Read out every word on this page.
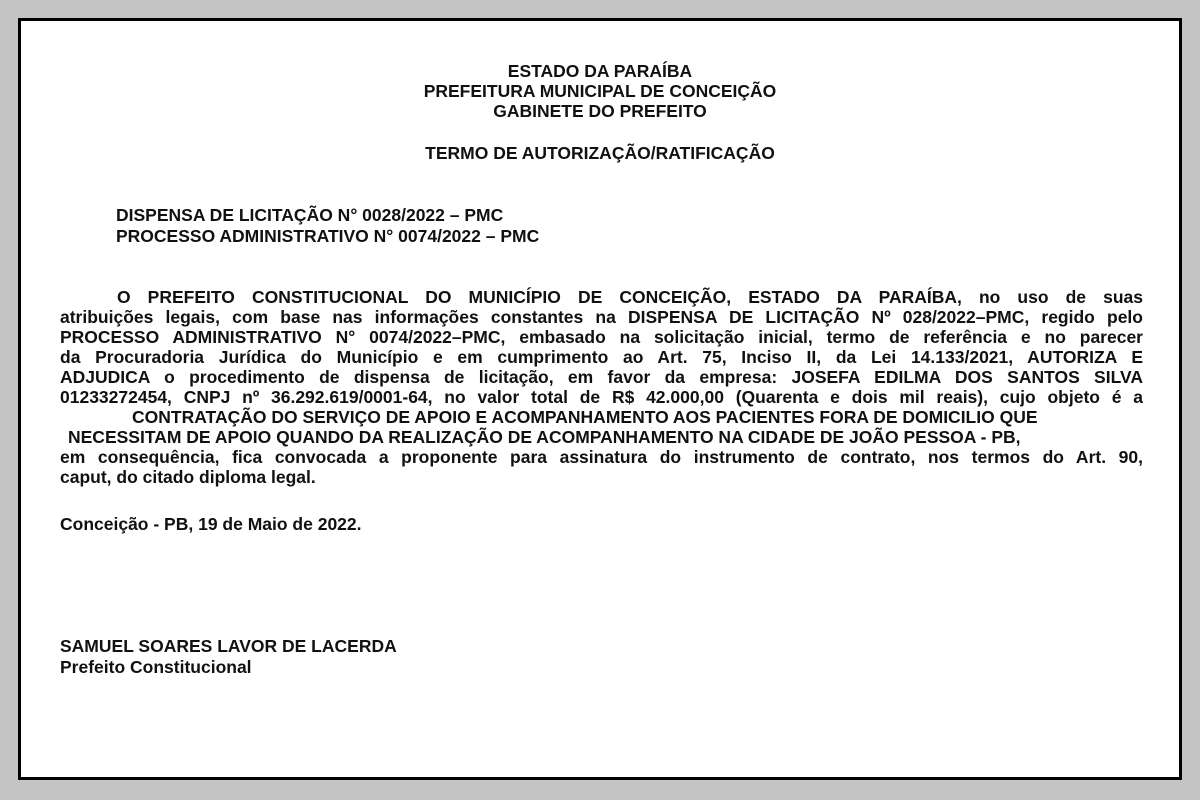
ESTADO DA PARAÍBA
PREFEITURA MUNICIPAL DE CONCEIÇÃO
GABINETE DO PREFEITO
TERMO DE AUTORIZAÇÃO/RATIFICAÇÃO
DISPENSA DE LICITAÇÃO N° 0028/2022 – PMC
PROCESSO ADMINISTRATIVO N° 0074/2022 – PMC
O PREFEITO CONSTITUCIONAL DO MUNICÍPIO DE CONCEIÇÃO, ESTADO DA PARAÍBA, no uso de suas
atribuições legais, com base nas informações constantes na DISPENSA DE LICITAÇÃO Nº 028/2022–PMC, regido pelo
PROCESSO ADMINISTRATIVO N° 0074/2022–PMC, embasado na solicitação inicial, termo de referência e no parecer
da Procuradoria Jurídica do Município e em cumprimento ao Art. 75, Inciso II, da Lei 14.133/2021, AUTORIZA E
ADJUDICA o procedimento de dispensa de licitação, em favor da empresa: JOSEFA EDILMA DOS SANTOS SILVA
01233272454, CNPJ nº 36.292.619/0001-64, no valor total de R$ 42.000,00 (Quarenta e dois mil reais), cujo objeto é a
CONTRATAÇÃO DO SERVIÇO DE APOIO E ACOMPANHAMENTO AOS PACIENTES FORA DE DOMICILIO QUE
NECESSITAM DE APOIO QUANDO DA REALIZAÇÃO DE ACOMPANHAMENTO NA CIDADE DE JOÃO PESSOA - PB,
em consequência, fica convocada a proponente para assinatura do instrumento de contrato, nos termos do Art. 90,
caput, do citado diploma legal.
Conceição - PB, 19 de Maio de 2022.
SAMUEL SOARES LAVOR DE LACERDA
Prefeito Constitucional
